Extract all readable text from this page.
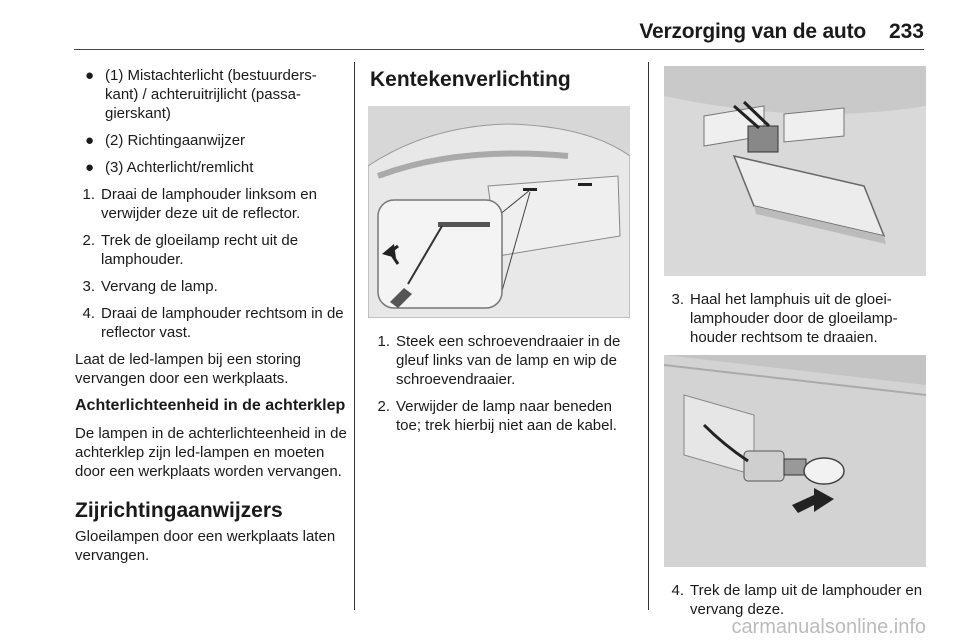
Verzorging van de auto 233
● (1) Mistachterlicht (bestuurders-kant) / achteruitrijlicht (passa-gierskant)
● (2) Richtingaanwijzer
● (3) Achterlicht/remlicht
1. Draai de lamphouder linksom en verwijder deze uit de reflector.
2. Trek de gloeilamp recht uit de lamphouder.
3. Vervang de lamp.
4. Draai de lamphouder rechtsom in de reflector vast.

Laat de led-lampen bij een storing vervangen door een werkplaats.

Achterlichteenheid in de achterklep

De lampen in de achterlichteenheid in de achterklep zijn led-lampen en moeten door een werkplaats worden vervangen.

Zijrichtingaanwijzers

Gloeilampen door een werkplaats laten vervangen.

Kentekenverlichting
1. Steek een schroevendraaier in de gleuf links van de lamp en wip de schroevendraaier.
2. Verwijder de lamp naar beneden toe; trek hierbij niet aan de kabel.
3. Haal het lamphuis uit de gloei-lamphouder door de gloeilamp-houder rechtsom te draaien.
4. Trek de lamp uit de lamphouder en vervang deze.
carmanualsonline.info
